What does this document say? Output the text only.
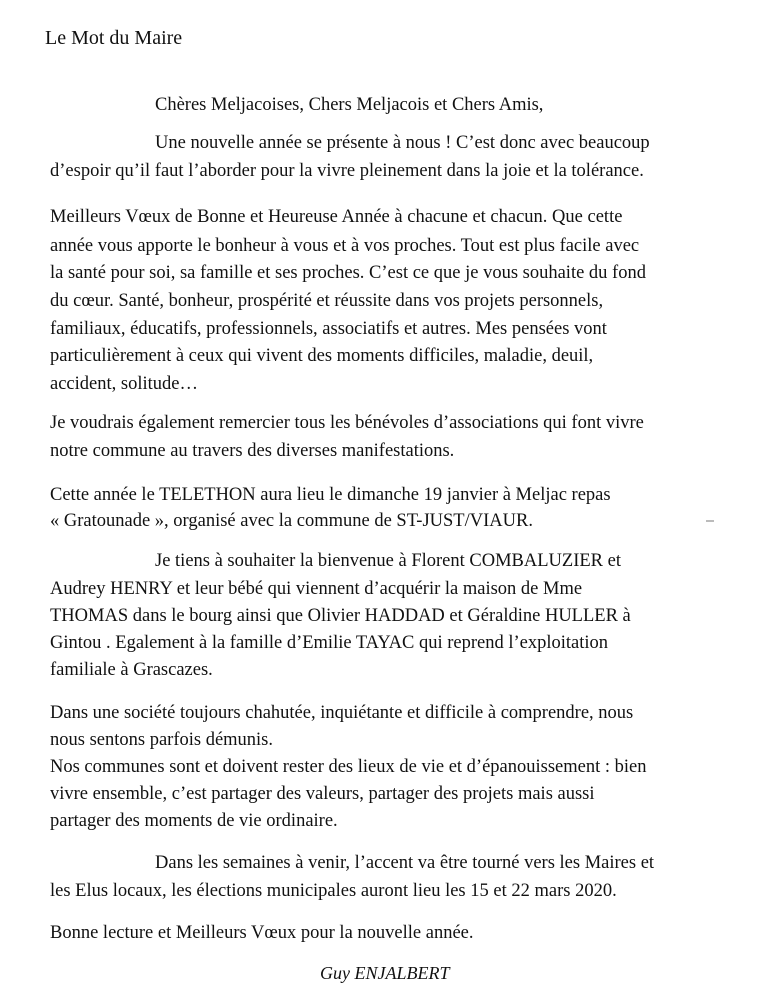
Le Mot du Maire
Chères Meljacoises, Chers Meljacois et Chers Amis,
Une nouvelle année se présente à nous ! C’est donc avec beaucoup
d’espoir qu’il faut l’aborder pour la vivre pleinement dans la joie et la tolérance.
Meilleurs Vœux de Bonne et Heureuse Année à chacune et chacun. Que cette
année vous apporte le bonheur à vous et à vos proches. Tout est plus facile avec
la santé pour soi, sa famille et ses proches. C’est ce que je vous souhaite du fond
du cœur. Santé, bonheur, prospérité et réussite dans vos projets personnels,
familiaux, éducatifs, professionnels, associatifs et autres. Mes pensées vont
particulièrement à ceux qui vivent des moments difficiles, maladie, deuil,
accident, solitude…
Je voudrais également remercier tous les bénévoles d’associations qui font vivre
notre commune au travers des diverses manifestations.
Cette année le TELETHON aura lieu le dimanche 19 janvier à Meljac repas
« Gratounade », organisé avec la commune de ST-JUST/VIAUR.
Je tiens à souhaiter la bienvenue à Florent COMBALUZIER et
Audrey HENRY et leur bébé qui viennent d’acquérir la maison de Mme
THOMAS dans le bourg ainsi que Olivier HADDAD et Géraldine HULLER à
Gintou . Egalement à la famille d’Emilie TAYAC qui reprend l’exploitation
familiale à Grascazes.
Dans une société toujours chahutée, inquiétante et difficile à comprendre, nous
nous sentons parfois démunis.
Nos communes sont et doivent rester des lieux de vie et d’épanouissement : bien
vivre ensemble, c’est partager des valeurs, partager des projets mais aussi
partager des moments de vie ordinaire.
Dans les semaines à venir, l’accent va être tourné vers les Maires et
les Elus locaux, les élections municipales auront lieu les 15 et 22 mars 2020.
Bonne lecture et Meilleurs Vœux pour la nouvelle année.
Guy ENJALBERT
